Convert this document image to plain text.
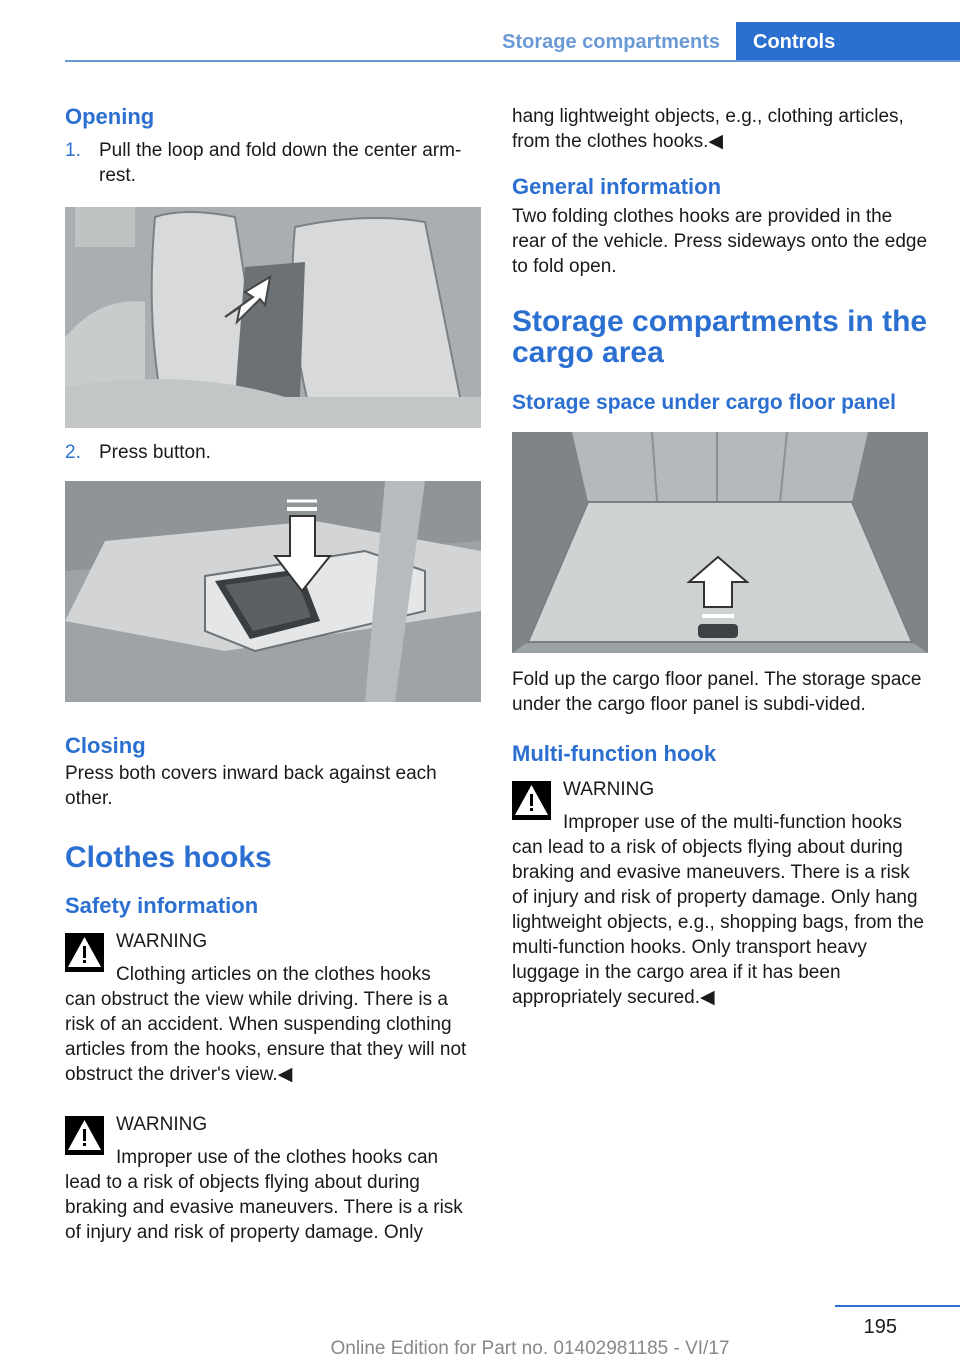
Storage compartments	Controls
Opening
1. Pull the loop and fold down the center arm‐rest.
2. Press button.
Closing
Press both covers inward back against each other.
Clothes hooks
Safety information
WARNING
Clothing articles on the clothes hooks
can obstruct the view while driving. There is a risk of an accident. When suspending clothing articles from the hooks, ensure that they will not obstruct the driver's view.◀
WARNING
Improper use of the clothes hooks can
lead to a risk of objects flying about during braking and evasive maneuvers. There is a risk of injury and risk of property damage. Only
hang lightweight objects, e.g., clothing articles, from the clothes hooks.◀
General information
Two folding clothes hooks are provided in the rear of the vehicle. Press sideways onto the edge to fold open.
Storage compartments in the cargo area
Storage space under cargo floor panel
Fold up the cargo floor panel. The storage space under the cargo floor panel is subdi‐vided.
Multi-function hook
WARNING
Improper use of the multi-function hooks
can lead to a risk of objects flying about during braking and evasive maneuvers. There is a risk of injury and risk of property damage. Only hang lightweight objects, e.g., shopping bags, from the multi-function hooks. Only transport heavy luggage in the cargo area if it has been appropriately secured.◀
195
Online Edition for Part no. 01402981185 - VI/17
